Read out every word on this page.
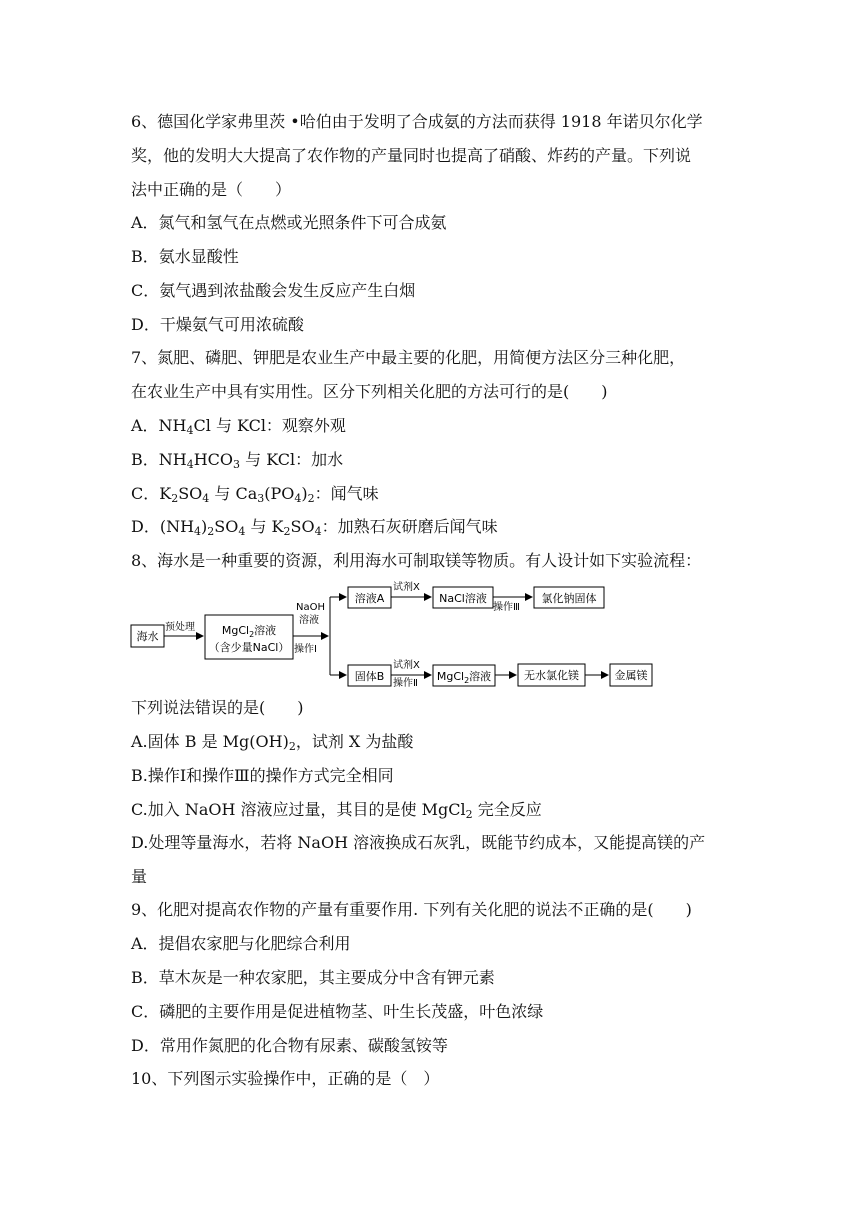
6、德国化学家弗里茨 •哈伯由于发明了合成氨的方法而获得 1918 年诺贝尔化学
奖，他的发明大大提高了农作物的产量同时也提高了硝酸、炸药的产量。下列说
法中正确的是（　　）
A．氮气和氢气在点燃或光照条件下可合成氨
B．氨水显酸性
C．氨气遇到浓盐酸会发生反应产生白烟
D．干燥氨气可用浓硫酸
7、氮肥、磷肥、钾肥是农业生产中最主要的化肥，用简便方法区分三种化肥，
在农业生产中具有实用性。区分下列相关化肥的方法可行的是(　　)
A．$NH_4Cl$ 与 KCl：观察外观
B．$NH_4HCO_3$ 与 KCl：加水
C．$K_2SO_4$ 与 $Ca_3(PO_4)_2$：闻气味
D．$(NH_4)_2SO_4$ 与 $K_2SO_4$：加熟石灰研磨后闻气味
8、海水是一种重要的资源，利用海水可制取镁等物质。有人设计如下实验流程：
海水
预处理 MgCl$_2$溶液
（含少量NaCl）
NaOH
溶液
操作Ⅰ
溶液A
试剂X
NaCl溶液
操作Ⅲ
氯化钠固体
固体B
试剂X
操作Ⅱ
MgCl$_2$溶液	无水氯化镁	金属镁
下列说法错误的是(　　)
A.固体 B 是 $Mg(OH)_2$，试剂 X 为盐酸
B.操作Ⅰ和操作Ⅲ的操作方式完全相同
C.加入 NaOH 溶液应过量，其目的是使 MgCl$_2$ 完全反应
D.处理等量海水，若将 NaOH 溶液换成石灰乳，既能节约成本，又能提高镁的产
量
9、化肥对提高农作物的产量有重要作用. 下列有关化肥的说法不正确的是(　　)
A．提倡农家肥与化肥综合利用
B．草木灰是一种农家肥，其主要成分中含有钾元素
C．磷肥的主要作用是促进植物茎、叶生长茂盛，叶色浓绿
D．常用作氮肥的化合物有尿素、碳酸氢铵等
10、下列图示实验操作中，正确的是（　）
